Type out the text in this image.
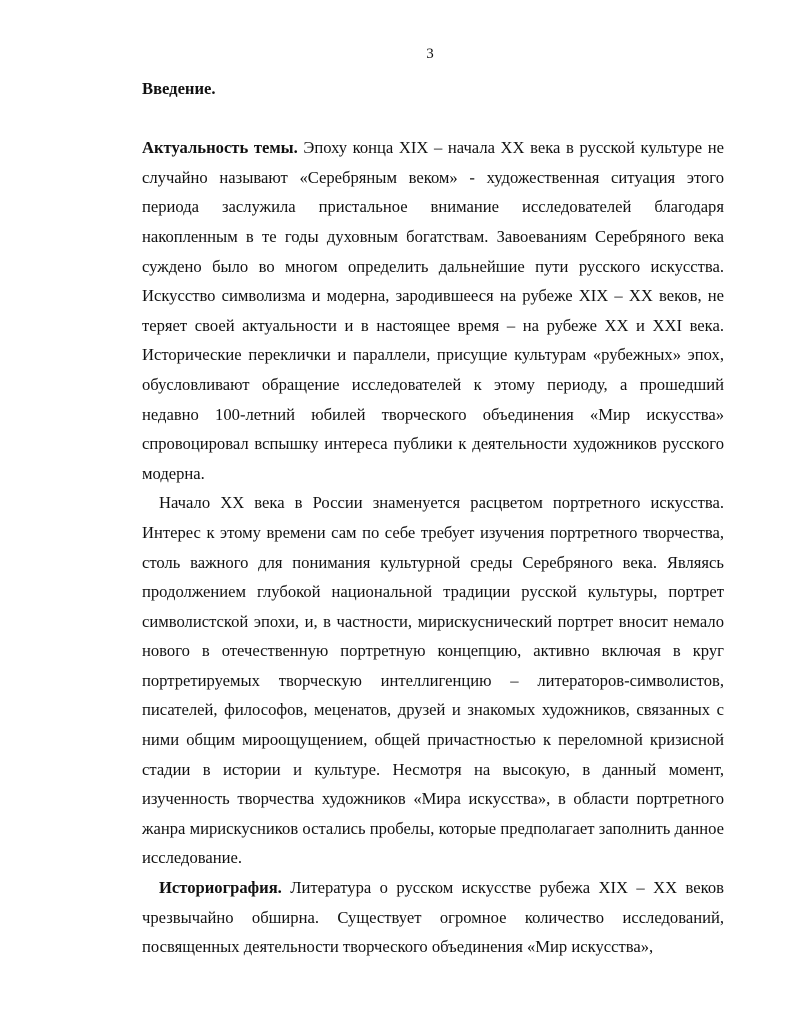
3

Введение.

Актуальность темы. Эпоху конца XIX – начала XX века в русской культуре не случайно называют «Серебряным веком» - художественная ситуация этого периода заслужила пристальное внимание исследователей благодаря накопленным в те годы духовным богатствам. Завоеваниям Серебряного века суждено было во многом определить дальнейшие пути русского искусства. Искусство символизма и модерна, зародившееся на рубеже XIX – XX веков, не теряет своей актуальности и в настоящее время – на рубеже XX и XXI века. Исторические переклички и параллели, присущие культурам «рубежных» эпох, обусловливают обращение исследователей к этому периоду, а прошедший недавно 100-летний юбилей творческого объединения «Мир искусства» спровоцировал вспышку интереса публики к деятельности художников русского модерна.

Начало XX века в России знаменуется расцветом портретного искусства. Интерес к этому времени сам по себе требует изучения портретного творчества, столь важного для понимания культурной среды Серебряного века. Являясь продолжением глубокой национальной традиции русской культуры, портрет символистской эпохи, и, в частности, мирискуснический портрет вносит немало нового в отечественную портретную концепцию, активно включая в круг портретируемых творческую интеллигенцию – литераторов-символистов, писателей, философов, меценатов, друзей и знакомых художников, связанных с ними общим мироощущением, общей причастностью к переломной кризисной стадии в истории и культуре. Несмотря на высокую, в данный момент, изученность творчества художников «Мира искусства», в области портретного жанра мирискусников остались пробелы, которые предполагает заполнить данное исследование.

Историография. Литература о русском искусстве рубежа XIX – XX веков чрезвычайно обширна. Существует огромное количество исследований, посвященных деятельности творческого объединения «Мир искусства»,
